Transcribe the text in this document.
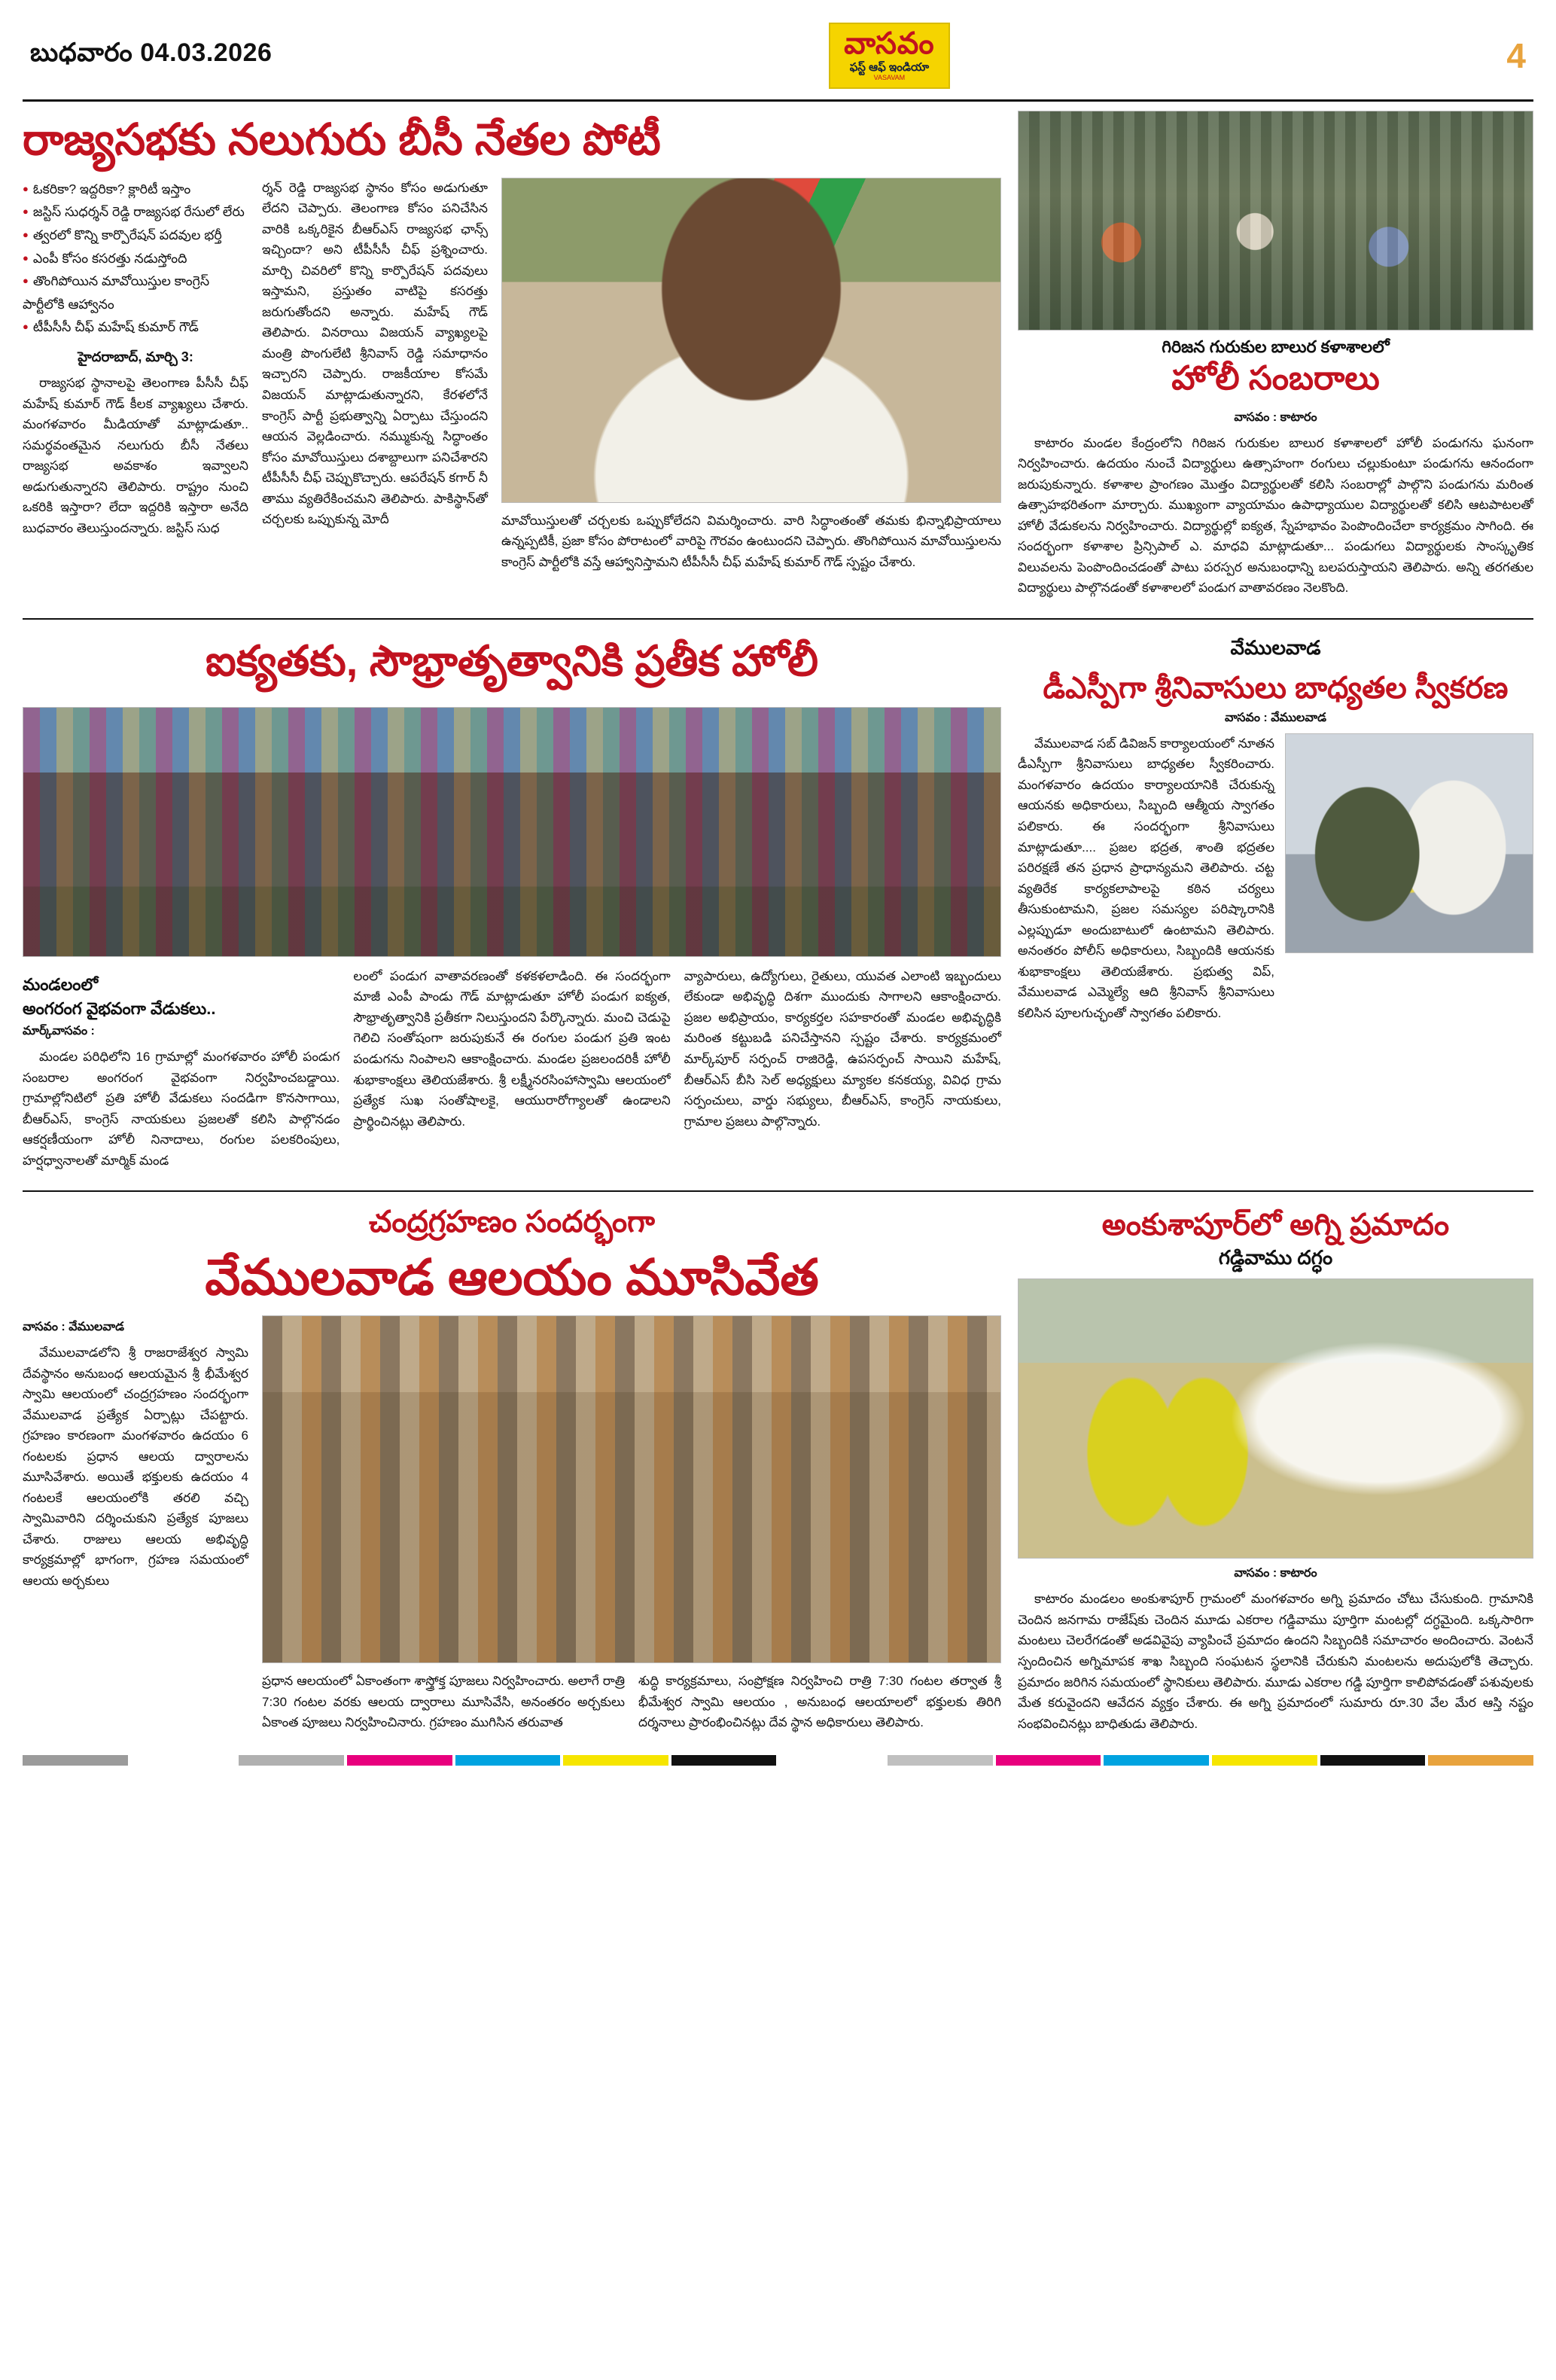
బుధవారం 04.03.2026	వాసవం
ఫస్ట్ ఆఫ్ ఇండియా
VASAVAM
4
రాజ్యసభకు నలుగురు బీసీ నేతల పోటీ
● ఓకరికా? ఇద్దరికా? క్లారిటీ ఇస్తాం
● జస్టిస్ సుధర్శన్ రెడ్డి రాజ్యసభ రేసులో లేరు
● త్వరలో కొన్ని కార్పొరేషన్ పదవుల భర్తీ
● ఎంపీ కోసం కసరత్తు నడుస్తోంది
● తొంగిపోయిన మావోయిస్తుల కాంగ్రెస్ పార్టీలోకి ఆహ్వానం
● టీపీసీసీ చీఫ్ మహేష్ కుమార్ గౌడ్
హైదరాబాద్, మార్చి 3:

రాజ్యసభ స్థానాలపై తెలంగాణ పీసీసీ చీఫ్ మహేష్ కుమార్ గౌడ్ కీలక వ్యాఖ్యలు చేశారు. మంగళవారం మీడియాతో మాట్లాడుతూ.. సమర్థవంతమైన నలుగురు బీసీ నేతలు రాజ్యసభ అవకాశం ఇవ్వాలని అడుగుతున్నారని తెలిపారు. రాష్ట్రం నుంచి ఒకరికి ఇస్తారా? లేదా ఇద్దరికి ఇస్తారా అనేది బుధవారం తెలుస్తుందన్నారు. జస్టిస్ సుధ

ర్శన్ రెడ్డి రాజ్యసభ స్థానం కోసం అడుగుతూ లేదని చెప్పారు. తెలంగాణ కోసం పనిచేసిన వారికి ఒక్కరికైన బీఆర్ఎస్ రాజ్యసభ ఛాన్స్ ఇచ్చిందా? అని టీపీసీసీ చీఫ్ ప్రశ్నించారు. మార్చి చివరిలో కొన్ని కార్పొరేషన్ పదవులు ఇస్తామని, ప్రస్తుతం వాటిపై కసరత్తు జరుగుతోందని అన్నారు. మహేష్ గౌడ్ తెలిపారు. వినరాయి విజయన్ వ్యాఖ్యలపై మంత్రి పొంగులేటి శ్రీనివాస్ రెడ్డి సమాధానం ఇచ్చారని చెప్పారు. రాజకీయాల కోసమే విజయన్ మాట్లాడుతున్నారని, కేరళలోనే కాంగ్రెస్ పార్టీ ప్రభుత్వాన్ని ఏర్పాటు చేస్తుందని ఆయన వెల్లడించారు. నమ్ముకున్న సిద్ధాంతం కోసం మావోయిస్తులు దశాబ్దాలుగా పనిచేశారని టీపీసీసీ చీఫ్ చెప్పుకొచ్చారు. ఆపరేషన్ కగార్ నీ తాము వ్యతిరేకించమని తెలిపారు. పాకిస్థాన్‌తో చర్చలకు ఒప్పుకున్న మోదీ	మావోయిస్తులతో చర్చలకు ఒప్పుకోలేదని విమర్శించారు. వారి సిద్ధాంతంతో తమకు భిన్నాభిప్రాయాలు ఉన్నప్పటికీ, ప్రజా కోసం పోరాటంలో వారిపై గౌరవం ఉంటుందని చెప్పారు. తొంగిపోయిన మావోయిస్తులను కాంగ్రెస్ పార్టీలోకి వస్తే ఆహ్వానిస్తామని టీపీసీసీ చీఫ్ మహేష్ కుమార్ గౌడ్ స్పష్టం చేశారు.

గిరిజన గురుకుల బాలుర కళాశాలలో
హోలీ సంబరాలు
వాసవం : కాటారం

కాటారం మండల కేంద్రంలోని గిరిజన గురుకుల బాలుర కళాశాలలో హోలీ పండుగను ఘనంగా నిర్వహించారు. ఉదయం నుంచే విద్యార్థులు ఉత్సాహంగా రంగులు చల్లుకుంటూ పండుగను ఆనందంగా జరుపుకున్నారు. కళాశాల ప్రాంగణం మొత్తం విద్యార్థులతో కలిసి సంబరాల్లో పాల్గొని పండుగను మరింత ఉత్సాహభరితంగా మార్చారు. ముఖ్యంగా వ్యాయామం ఉపాధ్యాయుల విద్యార్థులతో కలిసి ఆటపాటలతో హోలీ వేడుకలను నిర్వహించారు. విద్యార్థుల్లో ఐక్యత, స్నేహభావం పెంపొందించేలా కార్యక్రమం సాగింది. ఈ సందర్భంగా కళాశాల ప్రిన్సిపాల్ ఎ. మాధవి మాట్లాడుతూ... పండుగలు విద్యార్థులకు సాంస్కృతిక విలువలను పెంపొందించడంతో పాటు పరస్పర అనుబంధాన్ని బలపరుస్తాయని తెలిపారు. అన్ని తరగతుల విద్యార్థులు పాల్గొనడంతో కళాశాలలో పండుగ వాతావరణం నెలకొంది.

ఐక్యతకు, సౌభ్రాతృత్వానికి ప్రతీక హోలీ
మండలంలో
అంగరంగ వైభవంగా వేడుకలు..
మార్క్‌వాసవం :

మండల పరిధిలోని 16 గ్రామాల్లో మంగళవారం హోలీ పండుగ సంబరాల అంగరంగ వైభవంగా నిర్వహించబడ్డాయి. గ్రామాల్లోనిటిలో ప్రతి హోలీ వేడుకలు సందడిగా కొనసాగాయి, బీఆర్ఎస్, కాంగ్రెస్ నాయకులు ప్రజలతో కలిసి పాల్గొనడం ఆకర్షణీయంగా హోలీ నినాదాలు, రంగుల పలకరింపులు, హర్షధ్వానాలతో మార్మిక్ మండ

లంలో పండుగ వాతావరణంతో కళకళలాడింది. ఈ సందర్భంగా మాజీ ఎంపీ పాండు గౌడ్ మాట్లాడుతూ హోలీ పండుగ ఐక్యత, సౌభ్రాతృత్వానికి ప్రతీకగా నిలుస్తుందని పేర్కొన్నారు. మంచి చెడుపై గెలిచి సంతోషంగా జరుపుకునే ఈ రంగుల పండుగ ప్రతి ఇంట పండుగను నింపాలని ఆకాంక్షించారు. మండల ప్రజలందరికీ హోలీ శుభాకాంక్షలు తెలియజేశారు. శ్రీ లక్ష్మీనరసింహాస్వామి ఆలయంలో ప్రత్యేక సుఖ సంతోషాలకై, ఆయురారోగ్యాలతో ఉండాలని ప్రార్థించినట్లు తెలిపారు.

వ్యాపారులు, ఉద్యోగులు, రైతులు, యువత ఎలాంటి ఇబ్బందులు లేకుండా అభివృద్ధి దిశగా ముందుకు సాగాలని ఆకాంక్షించారు. ప్రజల అభిప్రాయం, కార్యకర్తల సహకారంతో మండల అభివృద్ధికి మరింత కట్టుబడి పనిచేస్తానని స్పష్టం చేశారు. కార్యక్రమంలో మార్క్‌పూర్ సర్పంచ్ రాజిరెడ్డి, ఉపసర్పంచ్ సాయిని మహేష్, బీఆర్ఎస్ బీసి సెల్ అధ్యక్షులు మ్యాకల కనకయ్య, వివిధ గ్రామ సర్పంచులు, వార్డు సభ్యులు, బీఆర్ఎస్, కాంగ్రెస్ నాయకులు, గ్రామాల ప్రజలు పాల్గొన్నారు.

వేములవాడ
డీఎస్పీగా శ్రీనివాసులు బాధ్యతల స్వీకరణ
వాసవం : వేములవాడ

వేములవాడ సబ్ డివిజన్ కార్యాలయంలో నూతన డీఎస్పీగా శ్రీనివాసులు బాధ్యతల స్వీకరించారు. మంగళవారం ఉదయం కార్యాలయానికి చేరుకున్న ఆయనకు అధికారులు, సిబ్బంది ఆత్మీయ స్వాగతం పలికారు. ఈ సందర్భంగా శ్రీనివాసులు మాట్లాడుతూ.... ప్రజల భద్రత, శాంతి భద్రతల పరిరక్షణే తన ప్రధాన ప్రాధాన్యమని తెలిపారు. చట్ట వ్యతిరేక కార్యకలాపాలపై కఠిన చర్యలు తీసుకుంటామని, ప్రజల సమస్యల పరిష్కారానికి ఎల్లప్పుడూ అందుబాటులో ఉంటామని తెలిపారు. అనంతరం పోలీస్ అధికారులు, సిబ్బందికి ఆయనకు శుభాకాంక్షలు తెలియజేశారు. ప్రభుత్వ విప్, వేములవాడ ఎమ్మెల్యే ఆది శ్రీనివాస్ శ్రీనివాసులు కలిసిన పూలగుచ్ఛంతో స్వాగతం పలికారు.

చంద్రగ్రహణం సందర్భంగా
వేములవాడ ఆలయం మూసివేత
వాసవం : వేములవాడ

వేములవాడలోని శ్రీ రాజరాజేశ్వర స్వామి దేవస్థానం అనుబంధ ఆలయమైన శ్రీ భీమేశ్వర స్వామి ఆలయంలో చంద్రగ్రహణం సందర్భంగా వేములవాడ ప్రత్యేక ఏర్పాట్లు చేపట్టారు. గ్రహణం కారణంగా మంగళవారం ఉదయం 6 గంటలకు ప్రధాన ఆలయ ద్వారాలను మూసివేశారు. అయితే భక్తులకు ఉదయం 4 గంటలకే ఆలయంలోకి తరలి వచ్చి స్వామివారిని దర్శించుకుని ప్రత్యేక పూజలు చేశారు. రాజులు ఆలయ అభివృద్ధి కార్యక్రమాల్లో భాగంగా, గ్రహణ సమయంలో ఆలయ అర్చకులు

ప్రధాన ఆలయంలో ఏకాంతంగా శాస్త్రోక్త పూజలు నిర్వహించారు. అలాగే రాత్రి 7:30 గంటల వరకు ఆలయ ద్వారాలు మూసివేసి, అనంతరం అర్చకులు ఏకాంత పూజలు నిర్వహించినారు. గ్రహణం ముగిసిన తరువాత

శుద్ధి కార్యక్రమాలు, సంప్రోక్షణ నిర్వహించి రాత్రి 7:30 గంటల తర్వాత శ్రీ భీమేశ్వర స్వామి ఆలయం , అనుబంధ ఆలయాలలో భక్తులకు తిరిగి దర్శనాలు ప్రారంభించినట్లు దేవ స్థాన అధికారులు తెలిపారు.

అంకుశాపూర్‌లో అగ్ని ప్రమాదం
గడ్డివాము దగ్ధం
వాసవం : కాటారం

కాటారం మండలం అంకుశాపూర్ గ్రామంలో మంగళవారం అగ్ని ప్రమాదం చోటు చేసుకుంది. గ్రామానికి చెందిన జనగామ రాజేష్‌కు చెందిన మూడు ఎకరాల గడ్డివాము పూర్తిగా మంటల్లో దగ్ధమైంది. ఒక్కసారిగా మంటలు చెలరేగడంతో అడవివైపు వ్యాపించే ప్రమాదం ఉందని సిబ్బందికి సమాచారం అందించారు. వెంటనే స్పందించిన అగ్నిమాపక శాఖ సిబ్బంది సంఘటన స్థలానికి చేరుకుని మంటలను అదుపులోకి తెచ్చారు. ప్రమాదం జరిగిన సమయంలో స్థానికులు తెలిపారు. మూడు ఎకరాల గడ్డి పూర్తిగా కాలిపోవడంతో పశువులకు మేత కరువైందని ఆవేదన వ్యక్తం చేశారు. ఈ అగ్ని ప్రమాదంలో సుమారు రూ.30 వేల మేర ఆస్తి నష్టం సంభవించినట్లు బాధితుడు తెలిపారు.
